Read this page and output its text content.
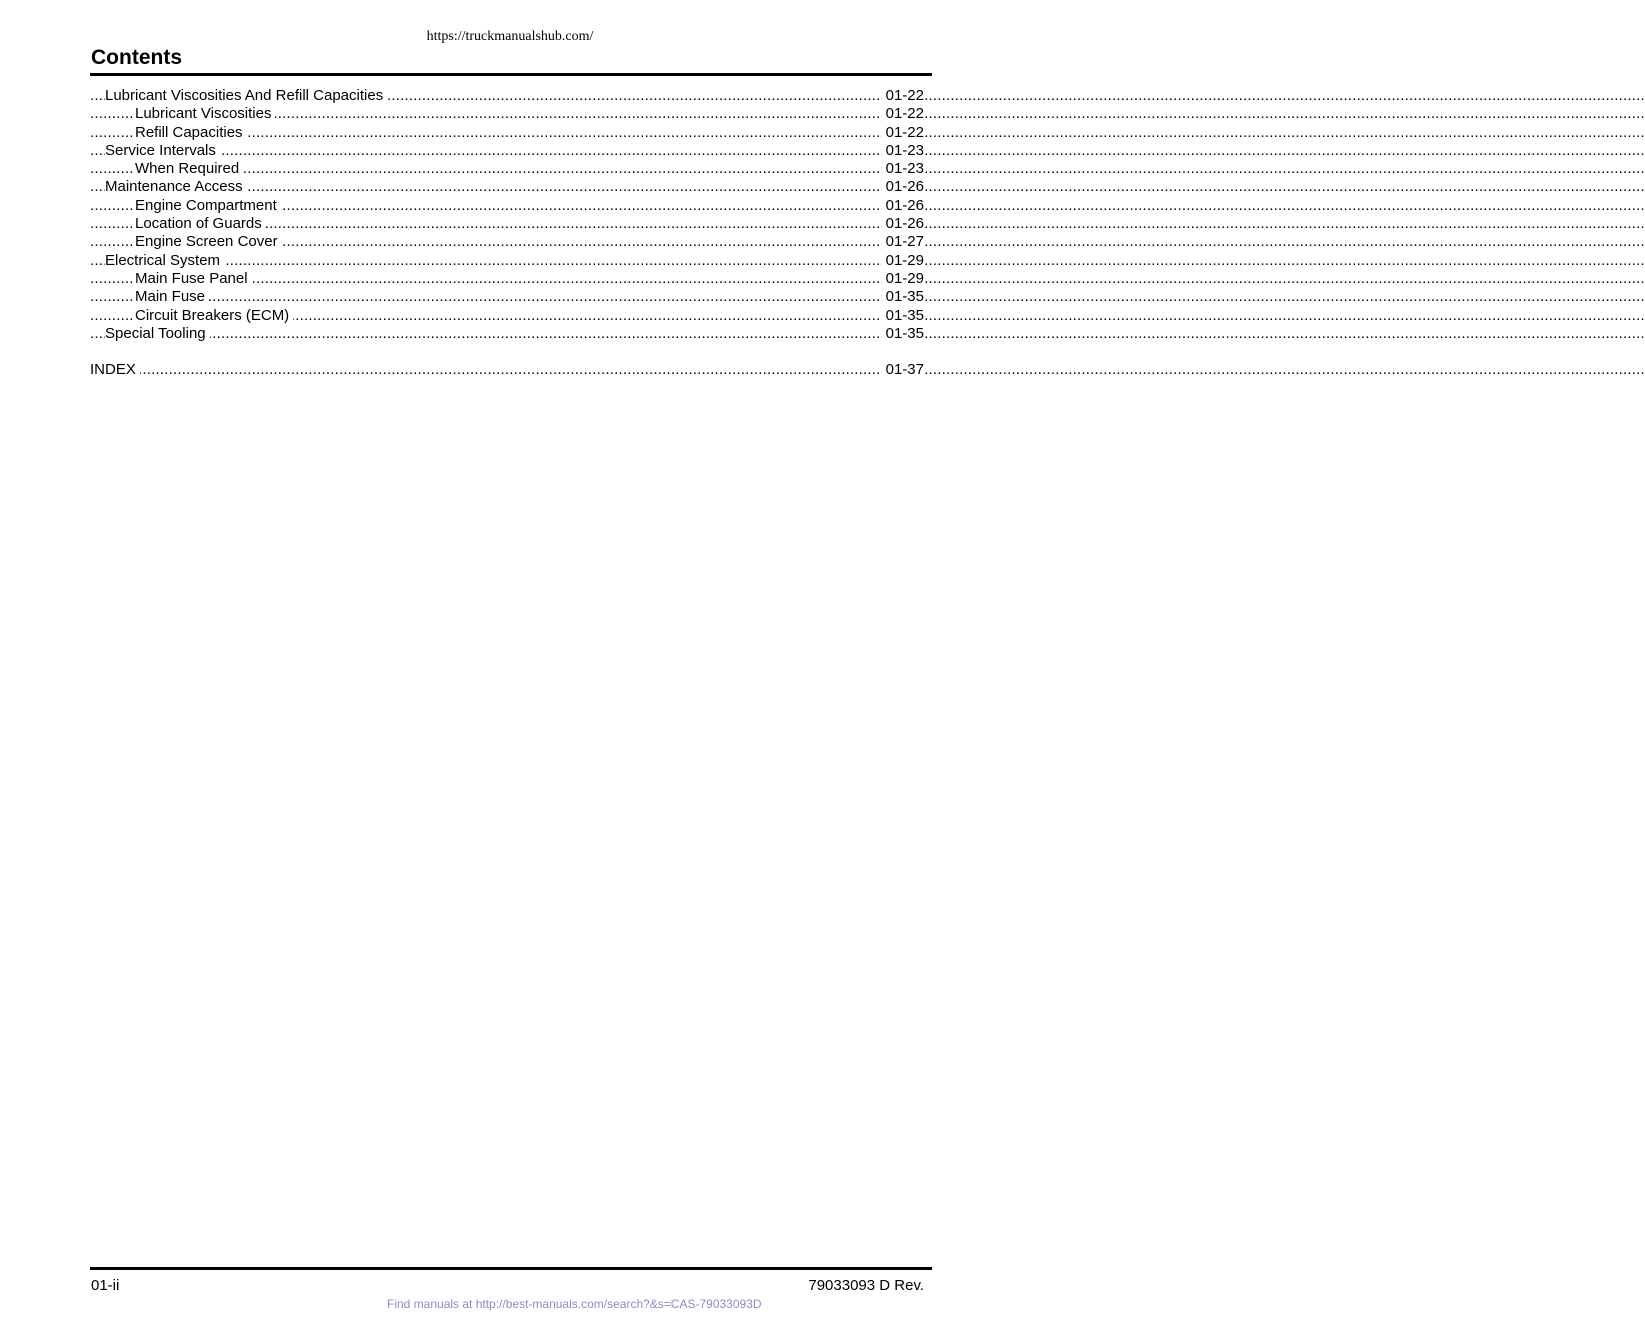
https://truckmanualshub.com/
Contents
.....
Lubricant Viscosities And Refill Capacities	01-22
.....
Lubricant Viscosities	01-22
.....
Refill Capacities	01-22
.....
Service Intervals	01-23
.....
When Required	01-23
.....
Maintenance Access	01-26
.....
Engine Compartment	01-26
.....
Location of Guards	01-26
.....
Engine Screen Cover	01-27
.....
Electrical System	01-29
.....
Main Fuse Panel	01-29
.....
Main Fuse	01-35
.....
Circuit Breakers (ECM)	01-35
.....
Special Tooling	01-35
.....
INDEX	01-37
01-ii	79033093 D Rev.
Find manuals at http://best-manuals.com/search?&s=CAS-79033093D
